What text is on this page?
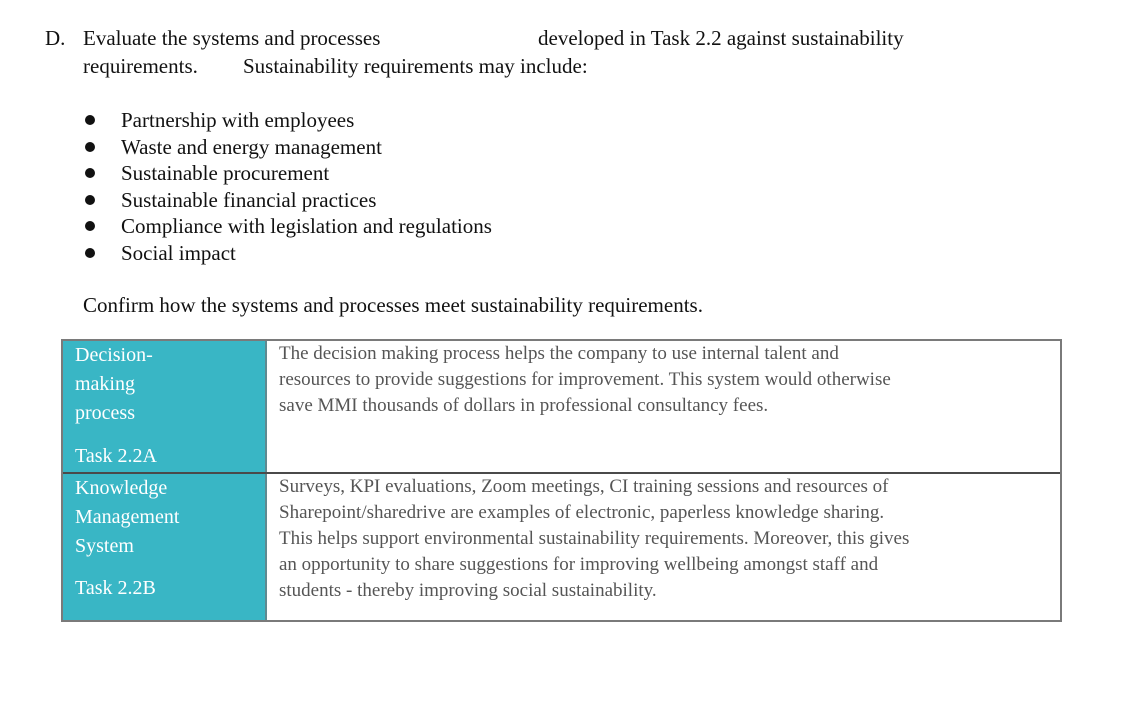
D. Evaluate the systems and processes	developed in Task 2.2 against sustainability
requirements. Sustainability requirements may include:
Partnership with employees
Waste and energy management
Sustainable procurement
Sustainable financial practices
Compliance with legislation and regulations
Social impact
Confirm how the systems and processes meet sustainability requirements.
Decision-
making
process
Task 2.2A
The decision making process helps the company to use internal talent and
resources to provide suggestions for improvement. This system would otherwise
save MMI thousands of dollars in professional consultancy fees.
Knowledge
Management
System
Task 2.2B
Surveys, KPI evaluations, Zoom meetings, CI training sessions and resources of
Sharepoint/sharedrive are examples of electronic, paperless knowledge sharing.
This helps support environmental sustainability requirements. Moreover, this gives
an opportunity to share suggestions for improving wellbeing amongst staff and
students - thereby improving social sustainability.
